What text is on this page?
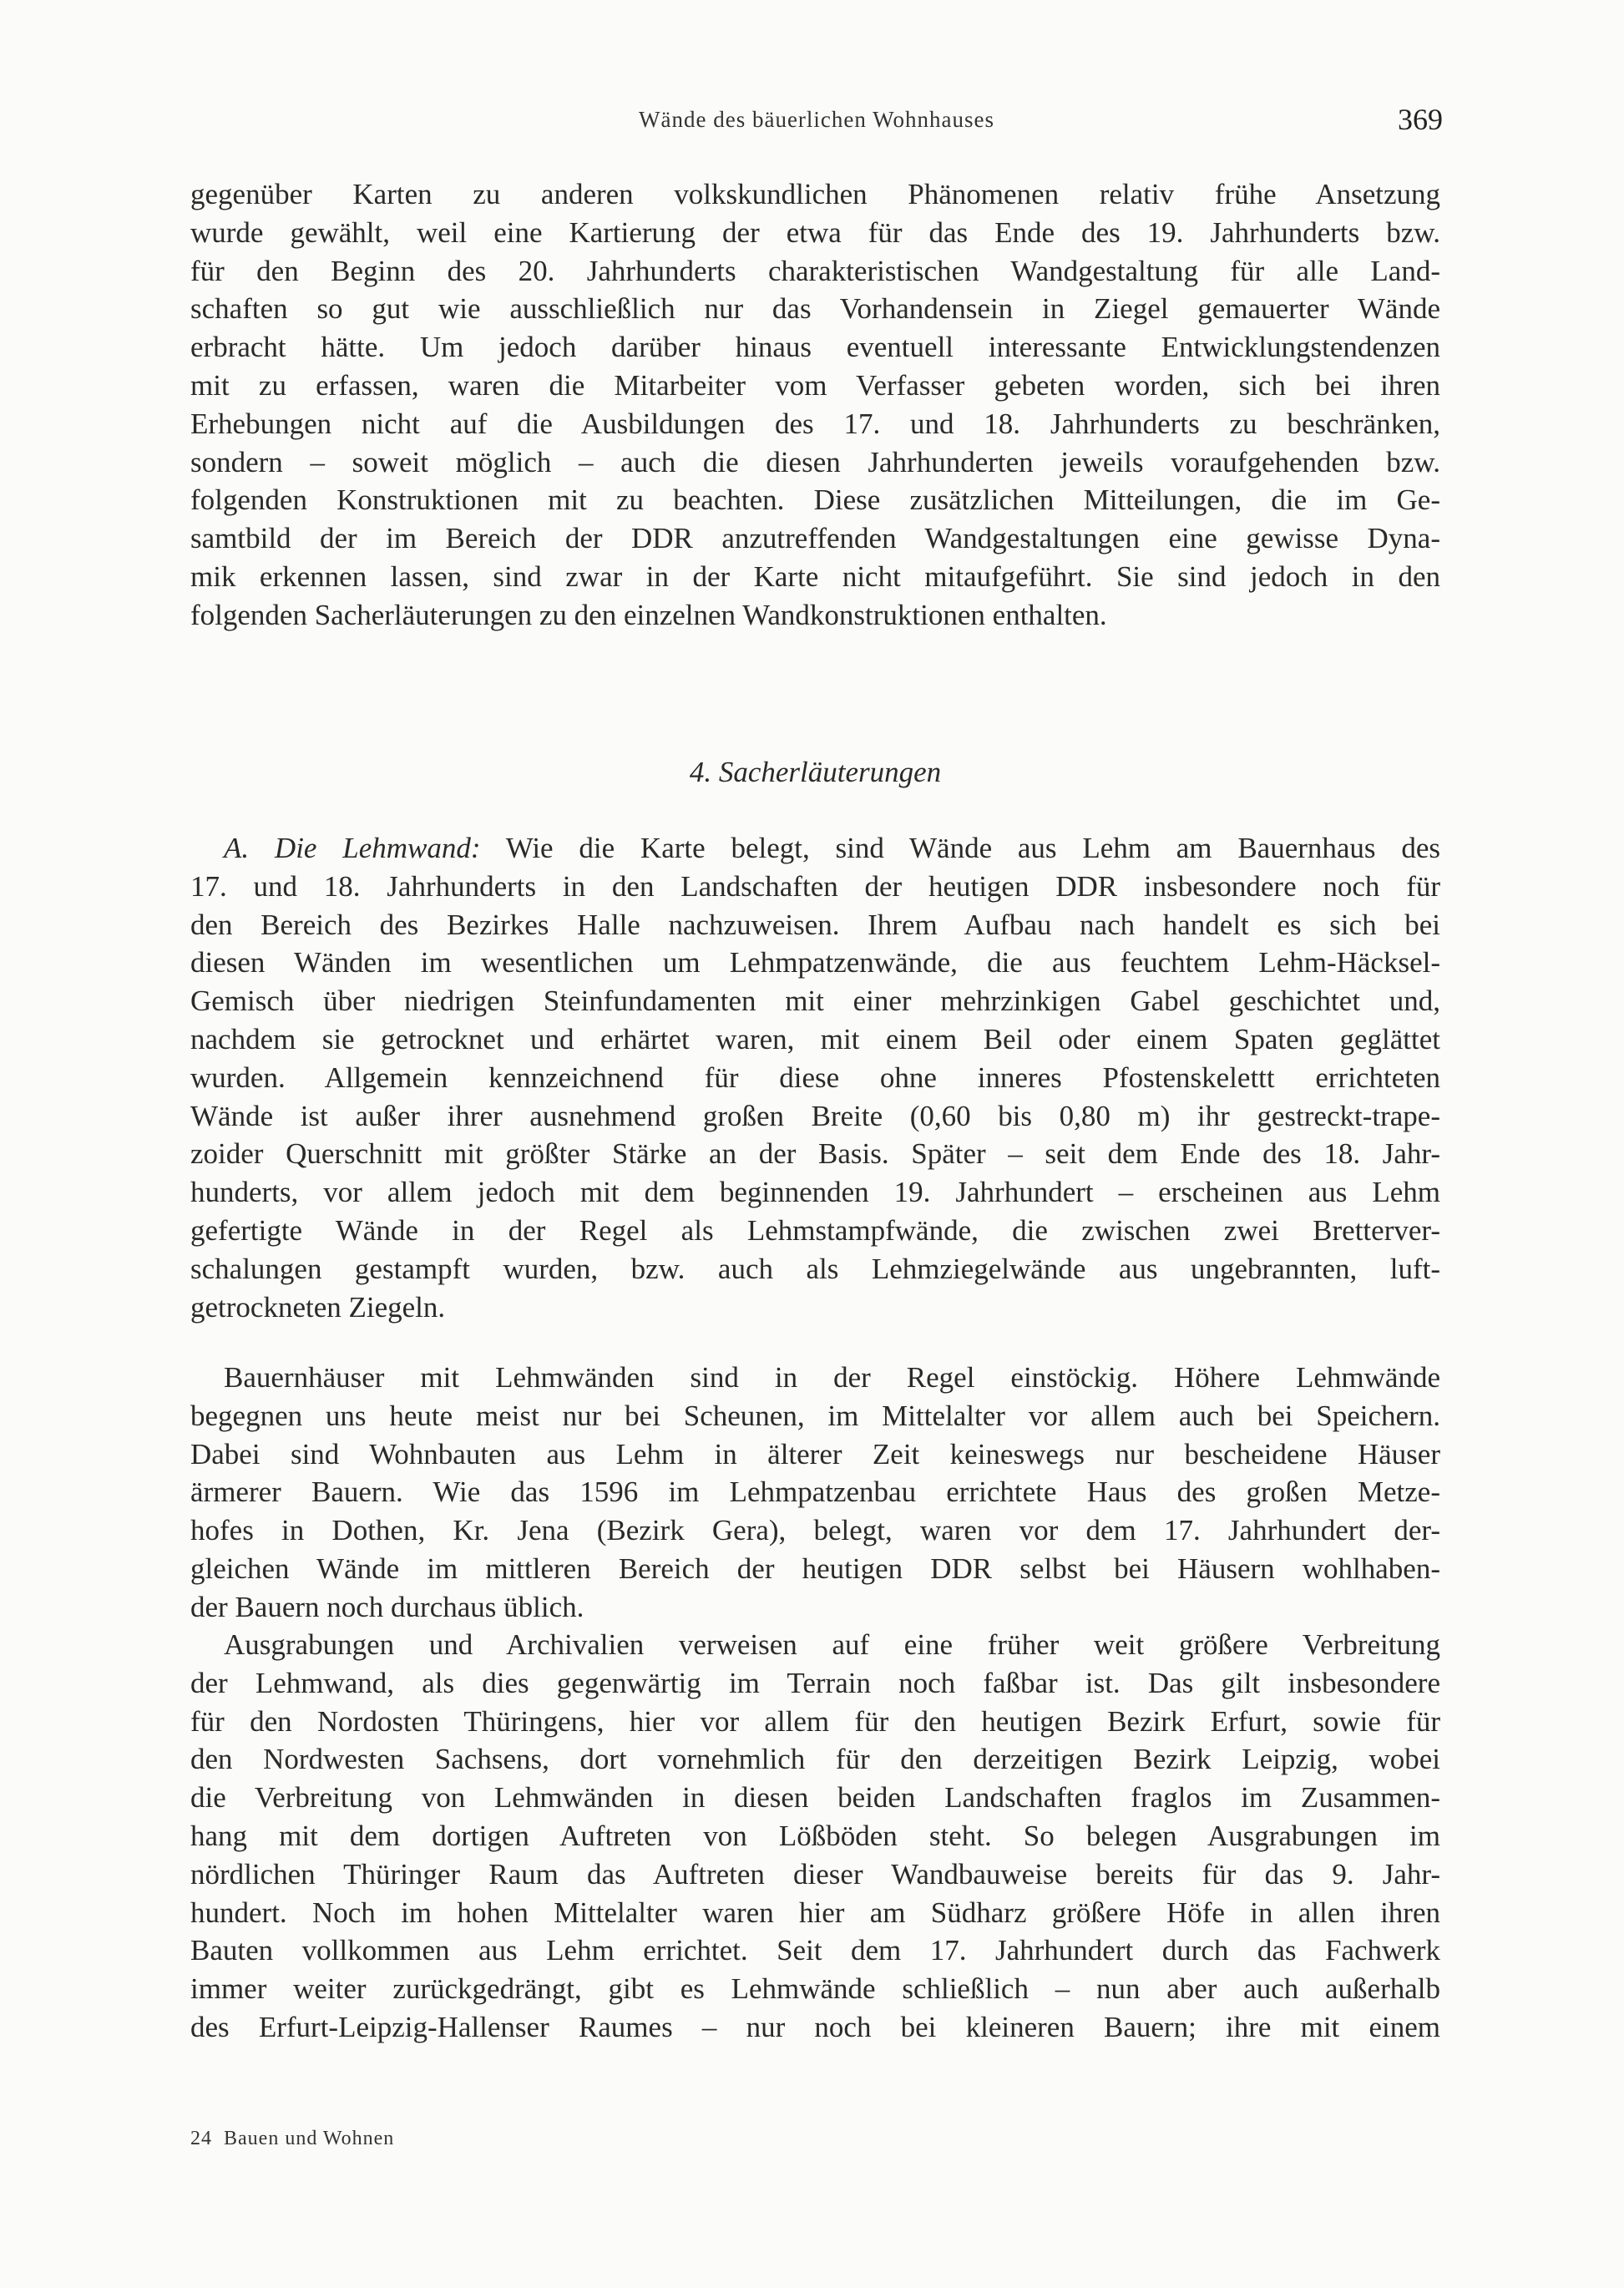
Wände des bäuerlichen Wohnhauses	369
gegenüber Karten zu anderen volkskundlichen Phänomenen relativ frühe Ansetzung
wurde gewählt, weil eine Kartierung der etwa für das Ende des 19. Jahrhunderts bzw.
für den Beginn des 20. Jahrhunderts charakteristischen Wandgestaltung für alle Land-
schaften so gut wie ausschließlich nur das Vorhandensein in Ziegel gemauerter Wände
erbracht hätte. Um jedoch darüber hinaus eventuell interessante Entwicklungstendenzen
mit zu erfassen, waren die Mitarbeiter vom Verfasser gebeten worden, sich bei ihren
Erhebungen nicht auf die Ausbildungen des 17. und 18. Jahrhunderts zu beschränken,
sondern – soweit möglich – auch die diesen Jahrhunderten jeweils voraufgehenden bzw.
folgenden Konstruktionen mit zu beachten. Diese zusätzlichen Mitteilungen, die im Ge-
samtbild der im Bereich der DDR anzutreffenden Wandgestaltungen eine gewisse Dyna-
mik erkennen lassen, sind zwar in der Karte nicht mitaufgeführt. Sie sind jedoch in den
folgenden Sacherläuterungen zu den einzelnen Wandkonstruktionen enthalten.
4. Sacherläuterungen
A. Die Lehmwand: Wie die Karte belegt, sind Wände aus Lehm am Bauernhaus des
17. und 18. Jahrhunderts in den Landschaften der heutigen DDR insbesondere noch für
den Bereich des Bezirkes Halle nachzuweisen. Ihrem Aufbau nach handelt es sich bei
diesen Wänden im wesentlichen um Lehmpatzenwände, die aus feuchtem Lehm-Häcksel-
Gemisch über niedrigen Steinfundamenten mit einer mehrzinkigen Gabel geschichtet und,
nachdem sie getrocknet und erhärtet waren, mit einem Beil oder einem Spaten geglättet
wurden. Allgemein kennzeichnend für diese ohne inneres Pfostenskelettt errichteten
Wände ist außer ihrer ausnehmend großen Breite (0,60 bis 0,80 m) ihr gestreckt-trape-
zoider Querschnitt mit größter Stärke an der Basis. Später – seit dem Ende des 18. Jahr-
hunderts, vor allem jedoch mit dem beginnenden 19. Jahrhundert – erscheinen aus Lehm
gefertigte Wände in der Regel als Lehmstampfwände, die zwischen zwei Bretterver-
schalungen gestampft wurden, bzw. auch als Lehmziegelwände aus ungebrannten, luft-
getrockneten Ziegeln.
Bauernhäuser mit Lehmwänden sind in der Regel einstöckig. Höhere Lehmwände
begegnen uns heute meist nur bei Scheunen, im Mittelalter vor allem auch bei Speichern.
Dabei sind Wohnbauten aus Lehm in älterer Zeit keineswegs nur bescheidene Häuser
ärmerer Bauern. Wie das 1596 im Lehmpatzenbau errichtete Haus des großen Metze-
hofes in Dothen, Kr. Jena (Bezirk Gera), belegt, waren vor dem 17. Jahrhundert der-
gleichen Wände im mittleren Bereich der heutigen DDR selbst bei Häusern wohlhaben-
der Bauern noch durchaus üblich.
Ausgrabungen und Archivalien verweisen auf eine früher weit größere Verbreitung
der Lehmwand, als dies gegenwärtig im Terrain noch faßbar ist. Das gilt insbesondere
für den Nordosten Thüringens, hier vor allem für den heutigen Bezirk Erfurt, sowie für
den Nordwesten Sachsens, dort vornehmlich für den derzeitigen Bezirk Leipzig, wobei
die Verbreitung von Lehmwänden in diesen beiden Landschaften fraglos im Zusammen-
hang mit dem dortigen Auftreten von Lößböden steht. So belegen Ausgrabungen im
nördlichen Thüringer Raum das Auftreten dieser Wandbauweise bereits für das 9. Jahr-
hundert. Noch im hohen Mittelalter waren hier am Südharz größere Höfe in allen ihren
Bauten vollkommen aus Lehm errichtet. Seit dem 17. Jahrhundert durch das Fachwerk
immer weiter zurückgedrängt, gibt es Lehmwände schließlich – nun aber auch außerhalb
des Erfurt-Leipzig-Hallenser Raumes – nur noch bei kleineren Bauern; ihre mit einem
24 Bauen und Wohnen
